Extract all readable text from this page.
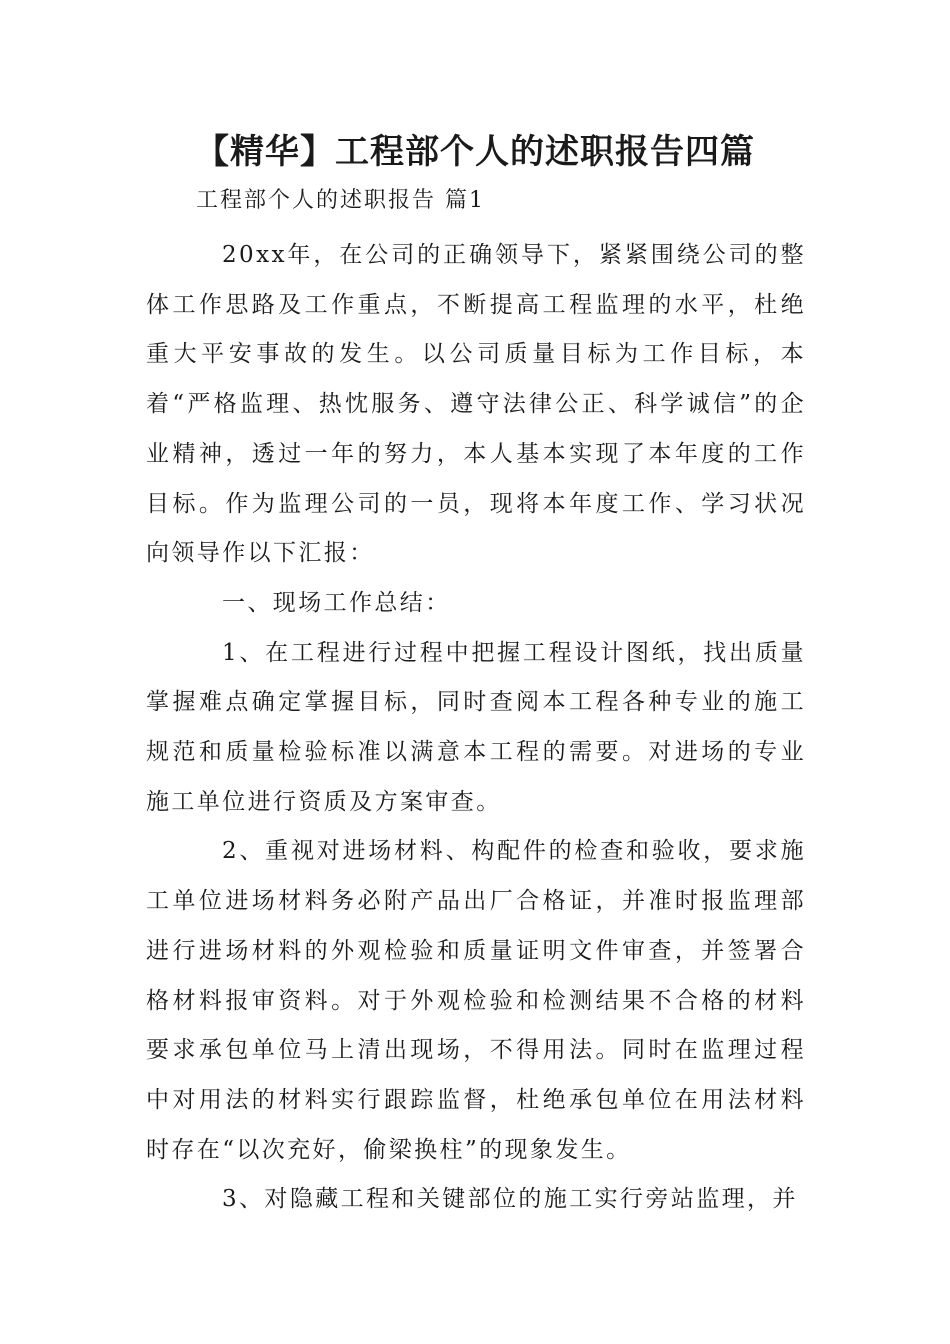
【精华】工程部个人的述职报告四篇
工程部个人的述职报告 篇1

20xx年，在公司的正确领导下，紧紧围绕公司的整体工作思路及工作重点，不断提高工程监理的水平，杜绝重大平安事故的发生。以公司质量目标为工作目标，本着“严格监理、热忱服务、遵守法律公正、科学诚信”的企业精神，透过一年的努力，本人基本实现了本年度的工作目标。作为监理公司的一员，现将本年度工作、学习状况向领导作以下汇报：

一、现场工作总结：

1、在工程进行过程中把握工程设计图纸，找出质量掌握难点确定掌握目标，同时查阅本工程各种专业的施工规范和质量检验标准以满意本工程的需要。对进场的专业施工单位进行资质及方案审查。

2、重视对进场材料、构配件的检查和验收，要求施工单位进场材料务必附产品出厂合格证，并准时报监理部进行进场材料的外观检验和质量证明文件审查，并签署合格材料报审资料。对于外观检验和检测结果不合格的材料要求承包单位马上清出现场，不得用法。同时在监理过程中对用法的材料实行跟踪监督，杜绝承包单位在用法材料时存在“以次充好，偷梁换柱”的现象发生。

3、对隐藏工程和关键部位的施工实行旁站监理，并
